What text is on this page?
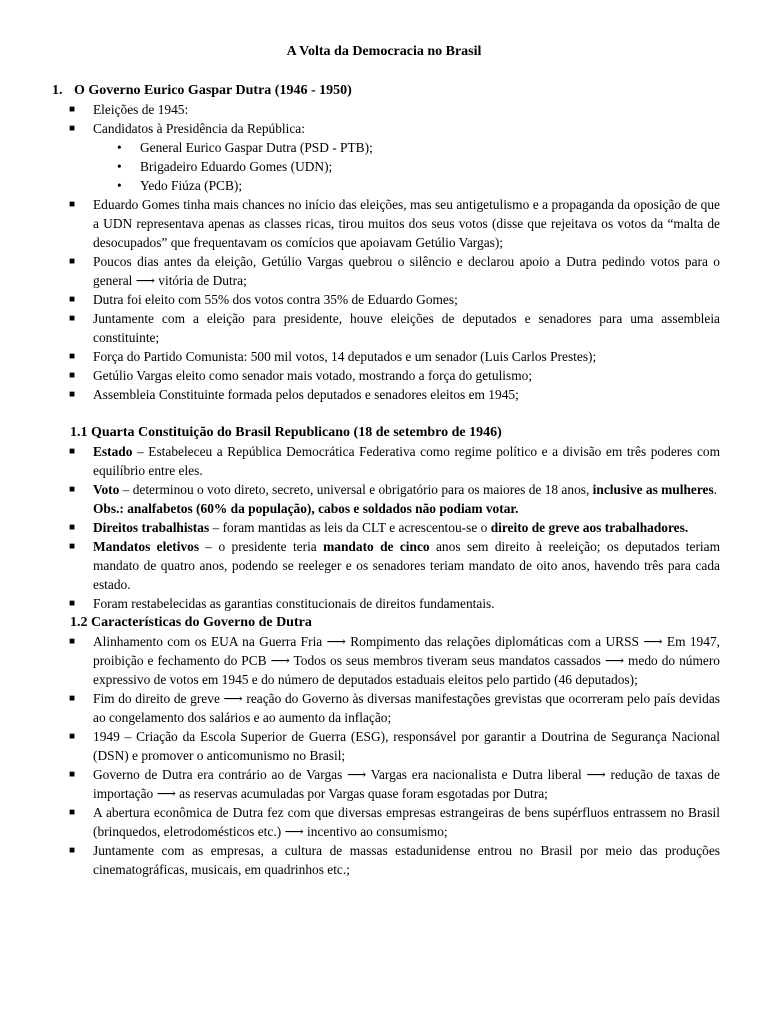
A Volta da Democracia no Brasil
1. O Governo Eurico Gaspar Dutra (1946 - 1950)
■ Eleições de 1945:
■ Candidatos à Presidência da República:
• General Eurico Gaspar Dutra (PSD - PTB);
• Brigadeiro Eduardo Gomes (UDN);
• Yedo Fiúza (PCB);
■ Eduardo Gomes tinha mais chances no início das eleições, mas seu antigetulismo e a propaganda da oposição de que a UDN representava apenas as classes ricas, tirou muitos dos seus votos (disse que rejeitava os votos da “malta de desocupados” que frequentavam os comícios que apoiavam Getúlio Vargas);
■ Poucos dias antes da eleição, Getúlio Vargas quebrou o silêncio e declarou apoio a Dutra pedindo votos para o general ⟶ vitória de Dutra;
■ Dutra foi eleito com 55% dos votos contra 35% de Eduardo Gomes;
■ Juntamente com a eleição para presidente, houve eleições de deputados e senadores para uma assembleia constituinte;
■ Força do Partido Comunista: 500 mil votos, 14 deputados e um senador (Luis Carlos Prestes);
■ Getúlio Vargas eleito como senador mais votado, mostrando a força do getulismo;
■ Assembleia Constituinte formada pelos deputados e senadores eleitos em 1945;
1.1 Quarta Constituição do Brasil Republicano (18 de setembro de 1946)
■ Estado – Estabeleceu a República Democrática Federativa como regime político e a divisão em três poderes com equilíbrio entre eles.
■ Voto – determinou o voto direto, secreto, universal e obrigatório para os maiores de 18 anos, inclusive as mulheres.
Obs.: analfabetos (60% da população), cabos e soldados não podiam votar.
■ Direitos trabalhistas – foram mantidas as leis da CLT e acrescentou-se o direito de greve aos trabalhadores.
■ Mandatos eletivos – o presidente teria mandato de cinco anos sem direito à reeleição; os deputados teriam mandato de quatro anos, podendo se reeleger e os senadores teriam mandato de oito anos, havendo três para cada estado.
■ Foram restabelecidas as garantias constitucionais de direitos fundamentais.
1.2 Características do Governo de Dutra
■ Alinhamento com os EUA na Guerra Fria ⟶ Rompimento das relações diplomáticas com a URSS ⟶ Em 1947, proibição e fechamento do PCB ⟶ Todos os seus membros tiveram seus mandatos cassados ⟶ medo do número expressivo de votos em 1945 e do número de deputados estaduais eleitos pelo partido (46 deputados);
■ Fim do direito de greve ⟶ reação do Governo às diversas manifestações grevistas que ocorreram pelo país devidas ao congelamento dos salários e ao aumento da inflação;
■ 1949 – Criação da Escola Superior de Guerra (ESG), responsável por garantir a Doutrina de Segurança Nacional (DSN) e promover o anticomunismo no Brasil;
■ Governo de Dutra era contrário ao de Vargas ⟶ Vargas era nacionalista e Dutra liberal ⟶ redução de taxas de importação ⟶ as reservas acumuladas por Vargas quase foram esgotadas por Dutra;
■ A abertura econômica de Dutra fez com que diversas empresas estrangeiras de bens supérfluos entrassem no Brasil (brinquedos, eletrodomésticos etc.) ⟶ incentivo ao consumismo;
■ Juntamente com as empresas, a cultura de massas estadunidense entrou no Brasil por meio das produções cinematográficas, musicais, em quadrinhos etc.;
